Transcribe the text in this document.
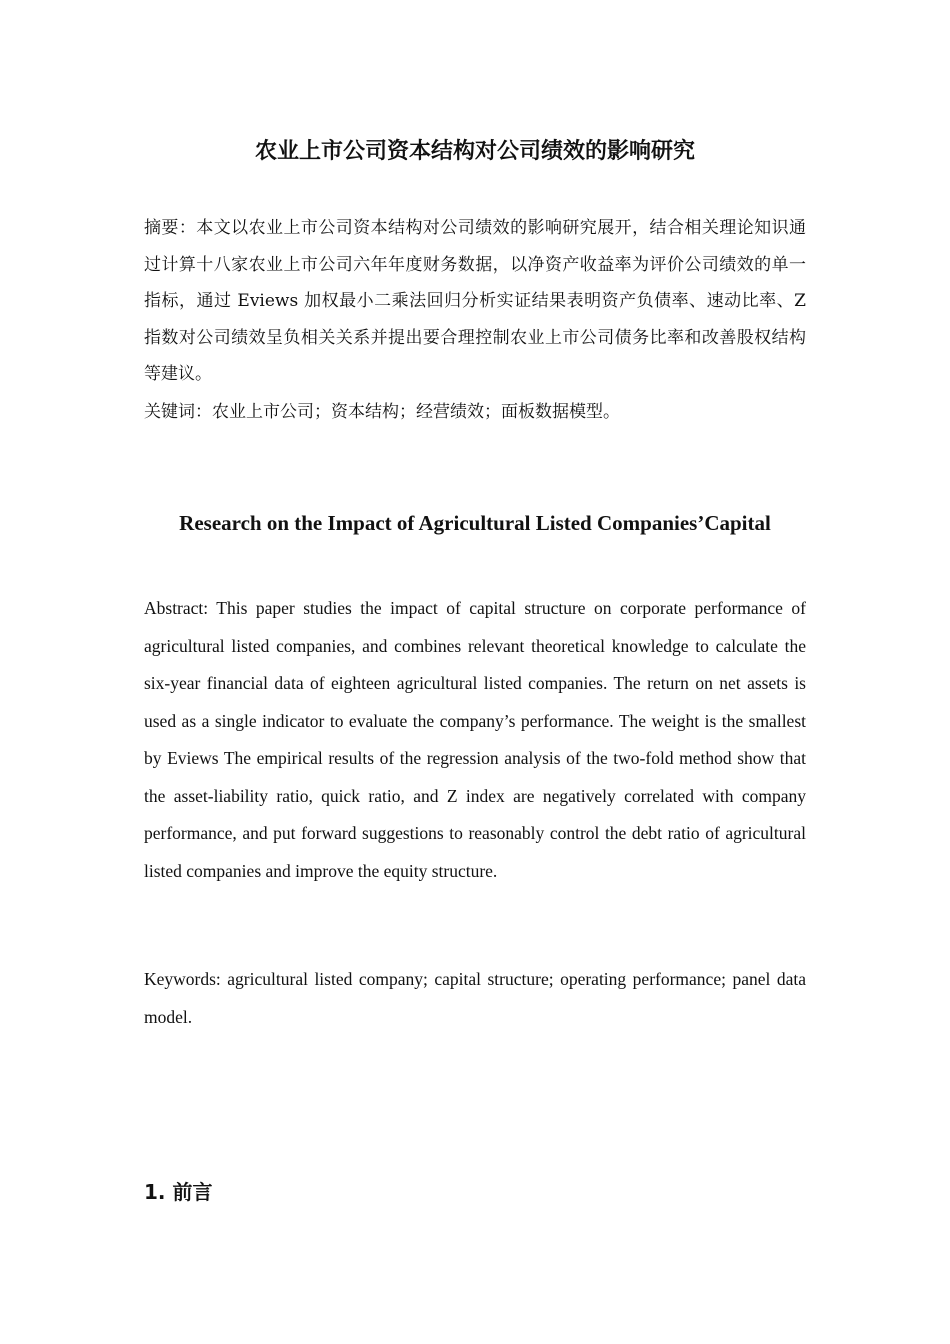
农业上市公司资本结构对公司绩效的影响研究

摘要：本文以农业上市公司资本结构对公司绩效的影响研究展开，结合相关理论知识通过计算十八家农业上市公司六年年度财务数据，以净资产收益率为评价公司绩效的单一指标，通过 Eviews 加权最小二乘法回归分析实证结果表明资产负债率、速动比率、Z 指数对公司绩效呈负相关关系并提出要合理控制农业上市公司债务比率和改善股权结构等建议。

关键词：农业上市公司；资本结构；经营绩效；面板数据模型。

Research on the Impact of Agricultural Listed Companies’Capital

Abstract: This paper studies the impact of capital structure on corporate performance of agricultural listed companies, and combines relevant theoretical knowledge to calculate the six-year financial data of eighteen agricultural listed companies. The return on net assets is used as a single indicator to evaluate the company’s performance. The weight is the smallest by Eviews The empirical results of the regression analysis of the two-fold method show that the asset-liability ratio, quick ratio, and Z index are negatively correlated with company performance, and put forward suggestions to reasonably control the debt ratio of agricultural listed companies and improve the equity structure.

Keywords: agricultural listed company; capital structure; operating performance; panel data model.

1. 前言
